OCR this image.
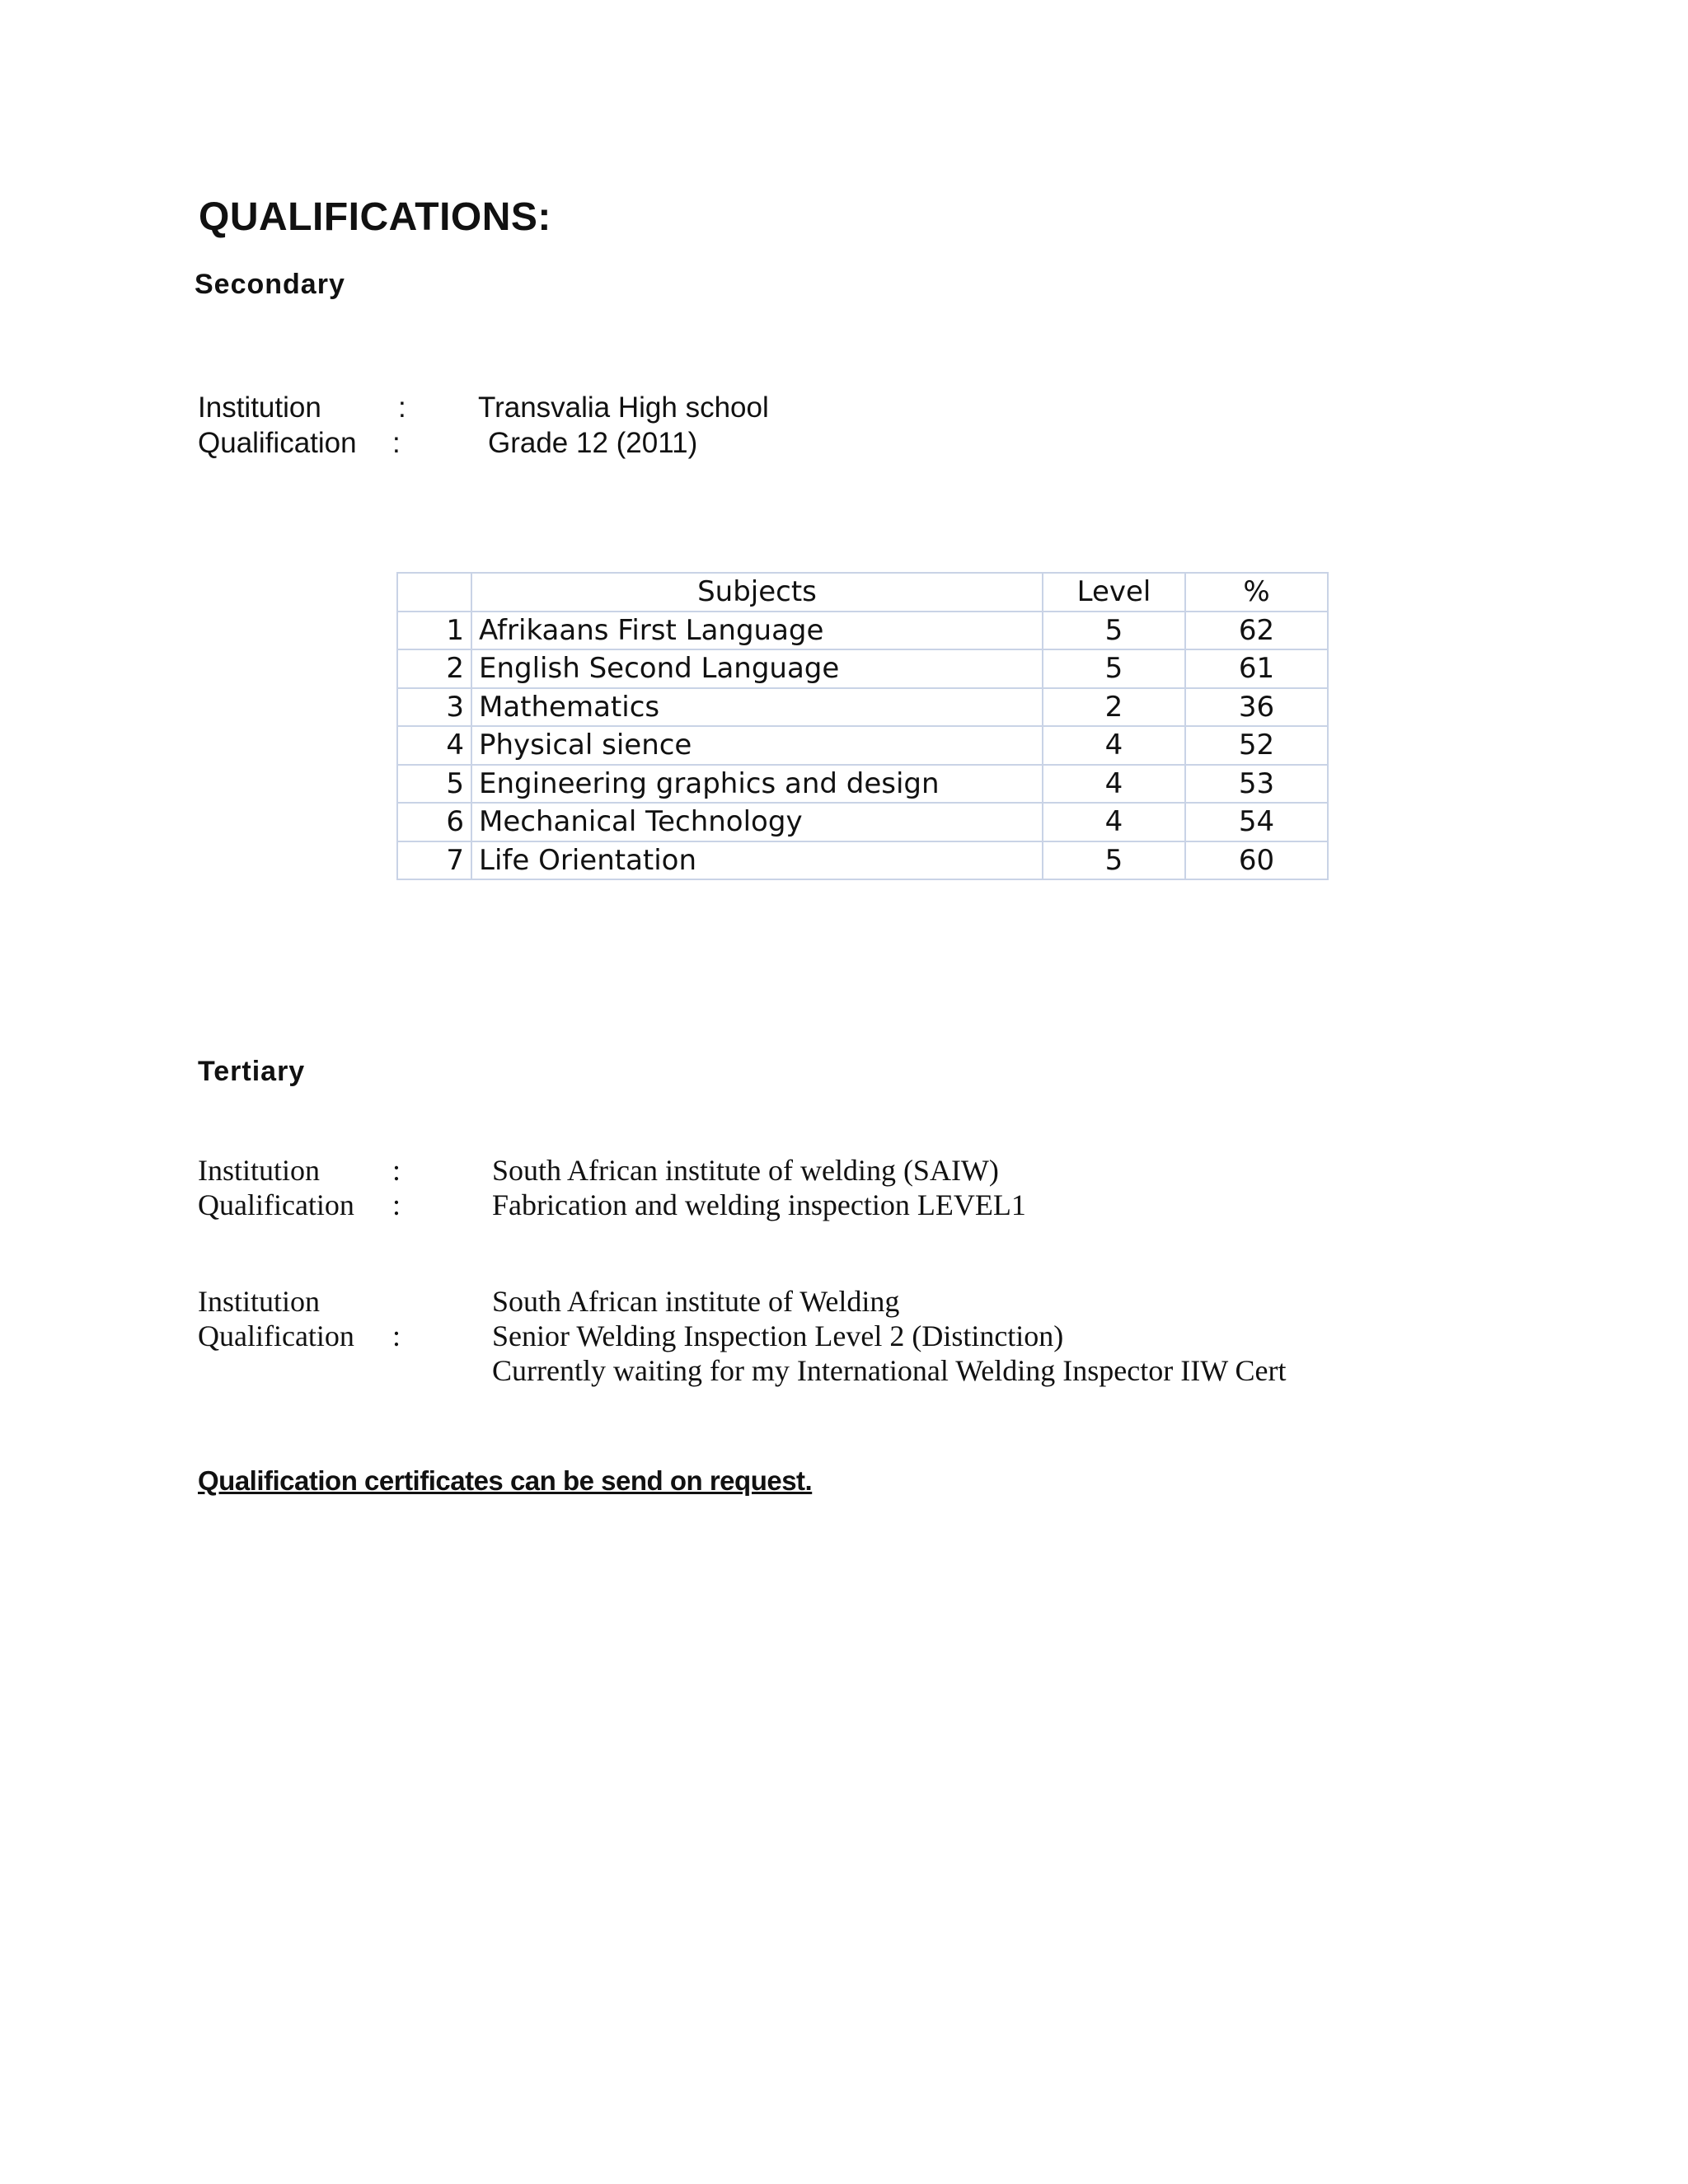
QUALIFICATIONS:
Secondary
Institution	: Transvalia High school
Qualification :	Grade 12 (2011)
	Subjects	Level	%
1	Afrikaans First Language	5	62
2	English Second Language	5	61
3	Mathematics	2	36
4	Physical sience	4	52
5	Engineering graphics and design	4	53
6	Mechanical Technology	4	54
7	Life Orientation	5	60
Tertiary
Institution :	South African institute of welding (SAIW)
Qualification :	Fabrication and welding inspection LEVEL1
Institution	South African institute of Welding
Qualification :	Senior Welding Inspection Level 2 (Distinction)
Currently waiting for my International Welding Inspector IIW Cert
Qualification certificates can be send on request.
